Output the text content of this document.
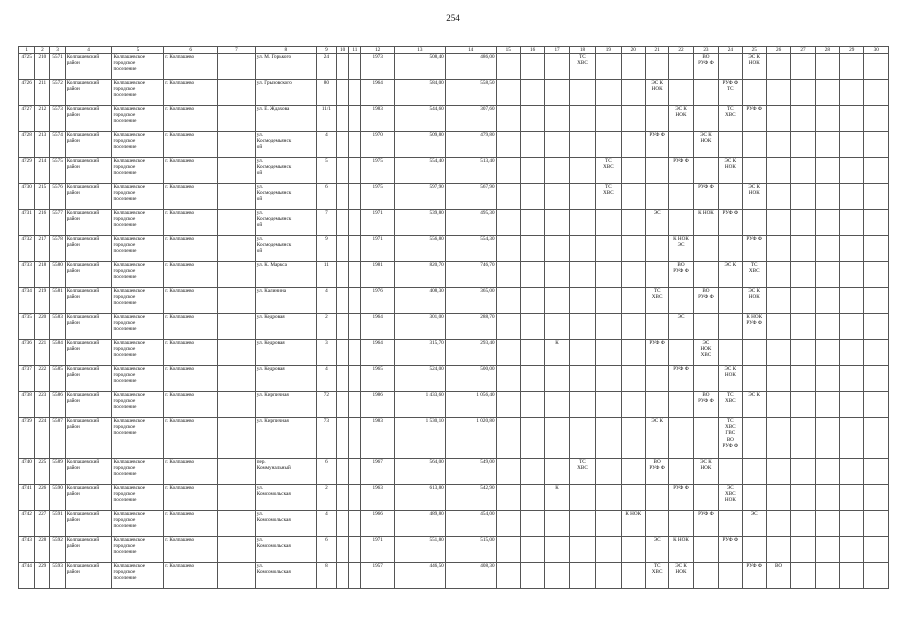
254
1	2	3	4	5	6	7	8	9	10	11	12	13	14	15	16	17	18	19	20	21	22	23	24	25	26	27	28	29	30
4725	210	5571	Колпашевский
район	Колпашевское
городское
поселение	г. Колпашево		ул. М. Горького	24			1973	508,40	486,00				ТС
ХВС					ВО
РУФ Ф		ЭС К
НОК					
4726	211	5572	Колпашевский
район	Колпашевское
городское
поселение	г. Колпашево		ул. Грызовского	80			1964	584,00	558,50							ЭС К
НОК			РУФ Ф
ТС						
4727	212	5573	Колпашевский
район	Колпашевское
городское
поселение	г. Колпашево		ул. Е. Ждахова	11/1			1983	544,60	307,60								ЭС К
НОК		ТС
ХВС	РУФ Ф					
4728	213	5574	Колпашевский
район	Колпашевское
городское
поселение	г. Колпашево		ул.
Космодемьянск
ой	4			1970	509,80	479,80							РУФ Ф		ЭС К
НОК							
4729	214	5575	Колпашевский
район	Колпашевское
городское
поселение	г. Колпашево		ул.
Космодемьянск
ой	5			1975	554,40	513,40					ТС
ХВС			РУФ Ф		ЭС К
НОК						
4730	215	5576	Колпашевский
район	Колпашевское
городское
поселение	г. Колпашево		ул.
Космодемьянск
ой	6			1975	597,90	567,90					ТС
ХВС				РУФ Ф		ЭС К
НОК					
4731	216	5577	Колпашевский
район	Колпашевское
городское
поселение	г. Колпашево		ул.
Космодемьянск
ой	7			1971	539,80	495,30							ЭС		К НОК	РУФ Ф						
4732	217	5578	Колпашевский
район	Колпашевское
городское
поселение	г. Колпашево		ул.
Космодемьянск
ой	9			1971	556,80	554,30								К НОК
ЭС			РУФ Ф					
4733	218	5580	Колпашевский
район	Колпашевское
городское
поселение	г. Колпашево		ул. К. Маркса	11			1981	820,70	746,70								ВО
РУФ Ф		ЭС К	ТС
ХВС					
4734	219	5581	Колпашевский
район	Колпашевское
городское
поселение	г. Колпашево		ул. Калинина	4			1976	408,30	365,00							ТС
ХВС		ВО
РУФ Ф		ЭС К
НОК					
4735	220	5583	Колпашевский
район	Колпашевское
городское
поселение	г. Колпашево		ул. Кедровая	2			1964	301,00	288,70								ЭС			К НОК
РУФ Ф					
4736	221	5584	Колпашевский
район	Колпашевское
городское
поселение	г. Колпашево		ул. Кедровая	3			1964	315,70	293,40			К				РУФ Ф		ЭС
НОК
ХВС							
4737	222	5585	Колпашевский
район	Колпашевское
городское
поселение	г. Колпашево		ул. Кедровая	4			1965	524,00	500,00								РУФ Ф		ЭС К
НОК						
4738	223	5586	Колпашевский
район	Колпашевское
городское
поселение	г. Колпашево		ул. Кирпичная	72			1986	1 433,60	1 056,40									ВО
РУФ Ф	ТС
ХВС	ЭС К					
4739	224	5587	Колпашевский
район	Колпашевское
городское
поселение	г. Колпашево		ул. Кирпичная	73			1983	1 530,10	1 020,80							ЭС К			ТС
ХВС
ГВС
ВО
РУФ Ф						
4740	225	5589	Колпашевский
район	Колпашевское
городское
поселение	г. Колпашево		пер.
Коммунальный	6			1967	564,00	549,00				ТС
ХВС			ВО
РУФ Ф		ЭС К
НОК							
4741	226	5590	Колпашевский
район	Колпашевское
городское
поселение	г. Колпашево		ул.
Комсомольская	2			1963	613,80	542,90			К					РУФ Ф		ЭС
ХВС
НОК						
4742	227	5591	Колпашевский
район	Колпашевское
городское
поселение	г. Колпашево		ул.
Комсомольская	4			1966	489,80	454,00						К НОК			РУФ Ф		ЭС					
4743	228	5592	Колпашевский
район	Колпашевское
городское
поселение	г. Колпашево		ул.
Комсомольская	6			1971	551,80	515,00							ЭС	К НОК		РУФ Ф						
4744	229	5593	Колпашевский
район	Колпашевское
городское
поселение	г. Колпашево		ул.
Комсомольская	8			1957	446,50	408,30							ТС
ХВС	ЭС К
НОК			РУФ Ф	ВО				
